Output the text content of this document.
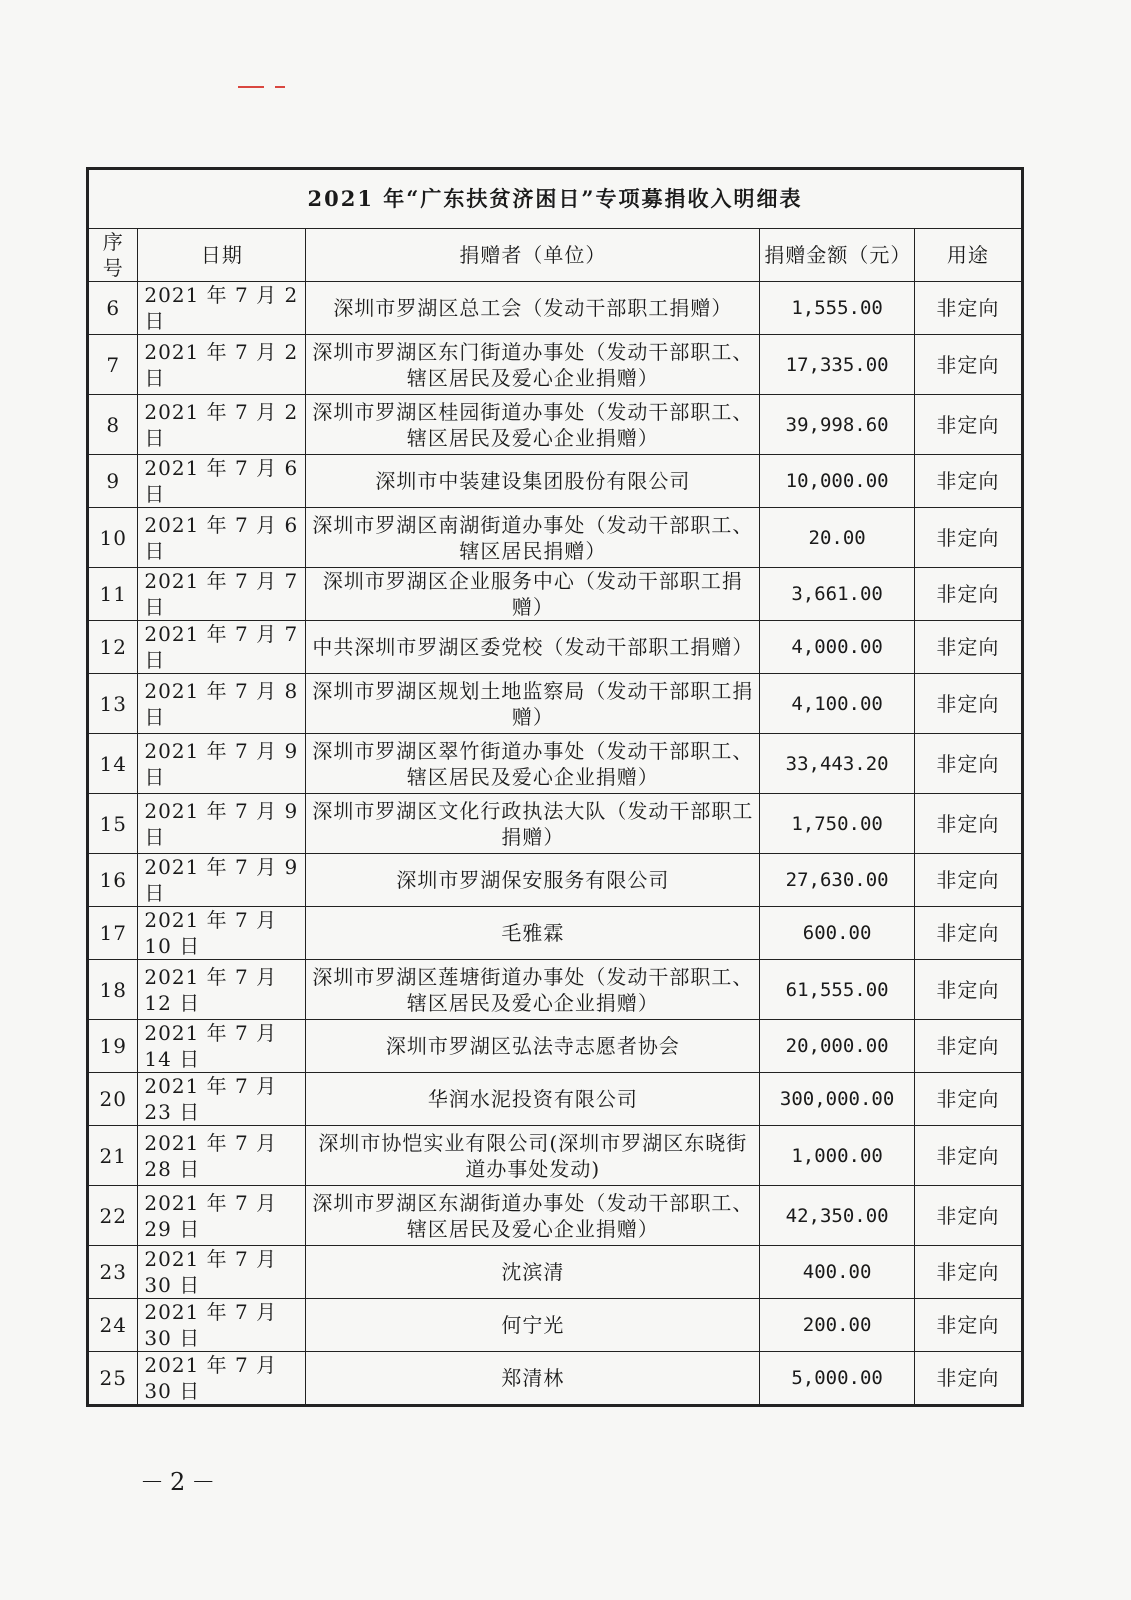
2021 年“广东扶贫济困日”专项募捐收入明细表				
序号	日期	捐赠者（单位）	捐赠金额（元）	用途
6	2021 年 7 月 2 日	深圳市罗湖区总工会（发动干部职工捐赠）	1,555.00	非定向
7	2021 年 7 月 2 日	深圳市罗湖区东门街道办事处（发动干部职工、辖区居民及爱心企业捐赠）	17,335.00	非定向
8	2021 年 7 月 2 日	深圳市罗湖区桂园街道办事处（发动干部职工、辖区居民及爱心企业捐赠）	39,998.60	非定向
9	2021 年 7 月 6 日	深圳市中装建设集团股份有限公司	10,000.00	非定向
10	2021 年 7 月 6 日	深圳市罗湖区南湖街道办事处（发动干部职工、辖区居民捐赠）	20.00	非定向
11	2021 年 7 月 7 日	深圳市罗湖区企业服务中心（发动干部职工捐赠）	3,661.00	非定向
12	2021 年 7 月 7 日	中共深圳市罗湖区委党校（发动干部职工捐赠）	4,000.00	非定向
13	2021 年 7 月 8 日	深圳市罗湖区规划土地监察局（发动干部职工捐赠）	4,100.00	非定向
14	2021 年 7 月 9 日	深圳市罗湖区翠竹街道办事处（发动干部职工、辖区居民及爱心企业捐赠）	33,443.20	非定向
15	2021 年 7 月 9 日	深圳市罗湖区文化行政执法大队（发动干部职工捐赠）	1,750.00	非定向
16	2021 年 7 月 9 日	深圳市罗湖保安服务有限公司	27,630.00	非定向
17	2021 年 7 月 10 日	毛雅霖	600.00	非定向
18	2021 年 7 月 12 日	深圳市罗湖区莲塘街道办事处（发动干部职工、辖区居民及爱心企业捐赠）	61,555.00	非定向
19	2021 年 7 月 14 日	深圳市罗湖区弘法寺志愿者协会	20,000.00	非定向
20	2021 年 7 月 23 日	华润水泥投资有限公司	300,000.00	非定向
21	2021 年 7 月 28 日	深圳市协恺实业有限公司(深圳市罗湖区东晓街道办事处发动)	1,000.00	非定向
22	2021 年 7 月 29 日	深圳市罗湖区东湖街道办事处（发动干部职工、辖区居民及爱心企业捐赠）	42,350.00	非定向
23	2021 年 7 月 30 日	沈滨清	400.00	非定向
24	2021 年 7 月 30 日	何宁光	200.00	非定向
25	2021 年 7 月 30 日	郑清林	5,000.00	非定向
－2－
